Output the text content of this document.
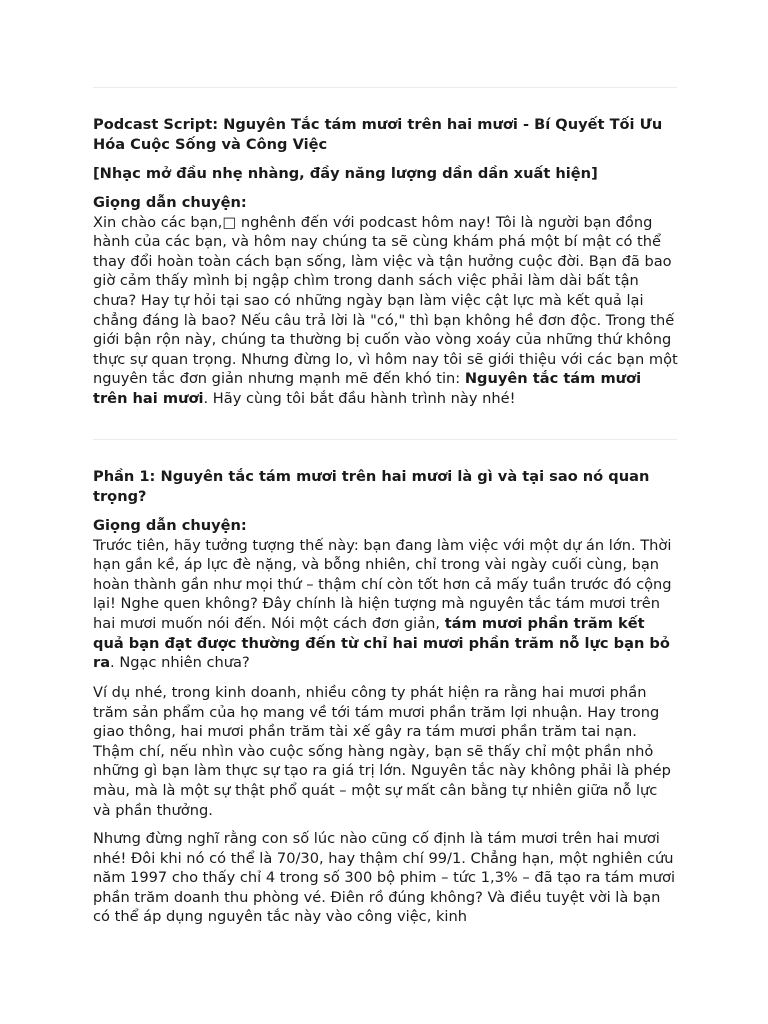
Podcast Script: Nguyên Tắc tám mươi trên hai mươi - Bí Quyết Tối Ưu Hóa Cuộc Sống và Công Việc
[Nhạc mở đầu nhẹ nhàng, đầy năng lượng dần dần xuất hiện]
Giọng dẫn chuyện:

Xin chào các bạn,□ nghênh đến với podcast hôm nay! Tôi là người bạn đồng hành của các bạn, và hôm nay chúng ta sẽ cùng khám phá một bí mật có thể thay đổi hoàn toàn cách bạn sống, làm việc và tận hưởng cuộc đời. Bạn đã bao giờ cảm thấy mình bị ngập chìm trong danh sách việc phải làm dài bất tận chưa? Hay tự hỏi tại sao có những ngày bạn làm việc cật lực mà kết quả lại chẳng đáng là bao? Nếu câu trả lời là "có," thì bạn không hề đơn độc. Trong thế giới bận rộn này, chúng ta thường bị cuốn vào vòng xoáy của những thứ không thực sự quan trọng. Nhưng đừng lo, vì hôm nay tôi sẽ giới thiệu với các bạn một nguyên tắc đơn giản nhưng mạnh mẽ đến khó tin: Nguyên tắc tám mươi trên hai mươi. Hãy cùng tôi bắt đầu hành trình này nhé!

Phần 1: Nguyên tắc tám mươi trên hai mươi là gì và tại sao nó quan trọng?
Giọng dẫn chuyện:

Trước tiên, hãy tưởng tượng thế này: bạn đang làm việc với một dự án lớn. Thời hạn gần kề, áp lực đè nặng, và bỗng nhiên, chỉ trong vài ngày cuối cùng, bạn hoàn thành gần như mọi thứ – thậm chí còn tốt hơn cả mấy tuần trước đó cộng lại! Nghe quen không? Đây chính là hiện tượng mà nguyên tắc tám mươi trên hai mươi muốn nói đến. Nói một cách đơn giản, tám mươi phần trăm kết quả bạn đạt được thường đến từ chỉ hai mươi phần trăm nỗ lực bạn bỏ ra. Ngạc nhiên chưa?

Ví dụ nhé, trong kinh doanh, nhiều công ty phát hiện ra rằng hai mươi phần trăm sản phẩm của họ mang về tới tám mươi phần trăm lợi nhuận. Hay trong giao thông, hai mươi phần trăm tài xế gây ra tám mươi phần trăm tai nạn. Thậm chí, nếu nhìn vào cuộc sống hàng ngày, bạn sẽ thấy chỉ một phần nhỏ những gì bạn làm thực sự tạo ra giá trị lớn. Nguyên tắc này không phải là phép màu, mà là một sự thật phổ quát – một sự mất cân bằng tự nhiên giữa nỗ lực và phần thưởng.
Nhưng đừng nghĩ rằng con số lúc nào cũng cố định là tám mươi trên hai mươi nhé! Đôi khi nó có thể là 70/30, hay thậm chí 99/1. Chẳng hạn, một nghiên cứu năm 1997 cho thấy chỉ 4 trong số 300 bộ phim – tức 1,3% – đã tạo ra tám mươi phần trăm doanh thu phòng vé. Điên rồ đúng không? Và điều tuyệt vời là bạn có thể áp dụng nguyên tắc này vào công việc, kinh
